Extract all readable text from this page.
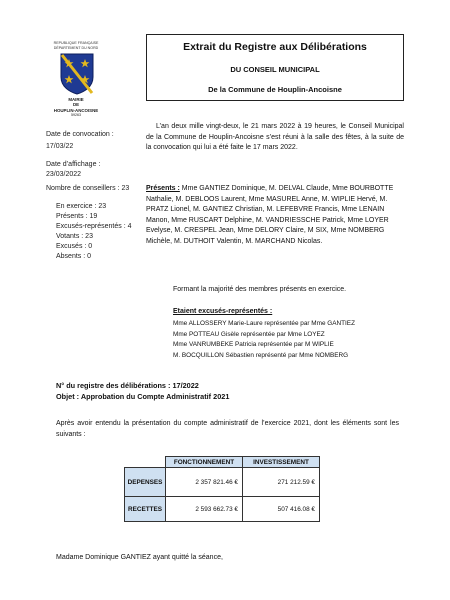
REPUBLIQUE FRANÇAISE
DÉPARTEMENT DU NORD
MAIRIE
DE
HOUPLIN-ANCOISNE
59263
Extrait du Registre aux Délibérations
DU CONSEIL MUNICIPAL
De la Commune de Houplin-Ancoisne
Date de convocation :
17/03/22
Date d’affichage :
23/03/2022
Nombre de conseillers : 23
En exercice : 23
Présents : 19
Excusés-représentés : 4
Votants : 23
Excusés : 0
Absents : 0
L’an deux mille vingt-deux, le 21 mars 2022 à 19 heures, le Conseil Municipal de la Commune de Houplin-Ancoisne s’est réuni à la salle des fêtes, à la suite de la convocation qui lui a été faite le 17 mars 2022.
Présents : Mme GANTIEZ Dominique, M. DELVAL Claude, Mme BOURBOTTE Nathalie, M. DEBLOOS Laurent, Mme MASUREL Anne, M. WIPLIE Hervé, M. PRATZ Lionel, M. GANTIEZ Christian, M. LEFEBVRE Francis, Mme LENAIN Manon, Mme RUSCART Delphine, M. VANDRIESSCHE Patrick, Mme LOYER Evelyse, M. CRESPEL Jean, Mme DELORY Claire, M SIX, Mme NOMBERG Michèle, M. DUTHOIT Valentin, M. MARCHAND Nicolas.
Formant la majorité des membres présents en exercice.
Etaient excusés-représentés :
Mme ALLOSSERY Marie-Laure représentée par Mme GANTIEZ
Mme POTTEAU Gisèle représentée par Mme LOYEZ
Mme VANRUMBEKE Patricia représentée par M WIPLIE
M. BOCQUILLON Sébastien représenté par Mme NOMBERG
N° du registre des délibérations : 17/2022
Objet : Approbation du Compte Administratif 2021
Après avoir entendu la présentation du compte administratif de l’exercice 2021, dont les éléments sont les suivants :
	FONCTIONNEMENT	INVESTISSEMENT
DEPENSES	2 357 821.46 €	271 212.59 €
RECETTES	2 593 662.73 €	507 416.08 €
Madame Dominique GANTIEZ ayant quitté la séance,
